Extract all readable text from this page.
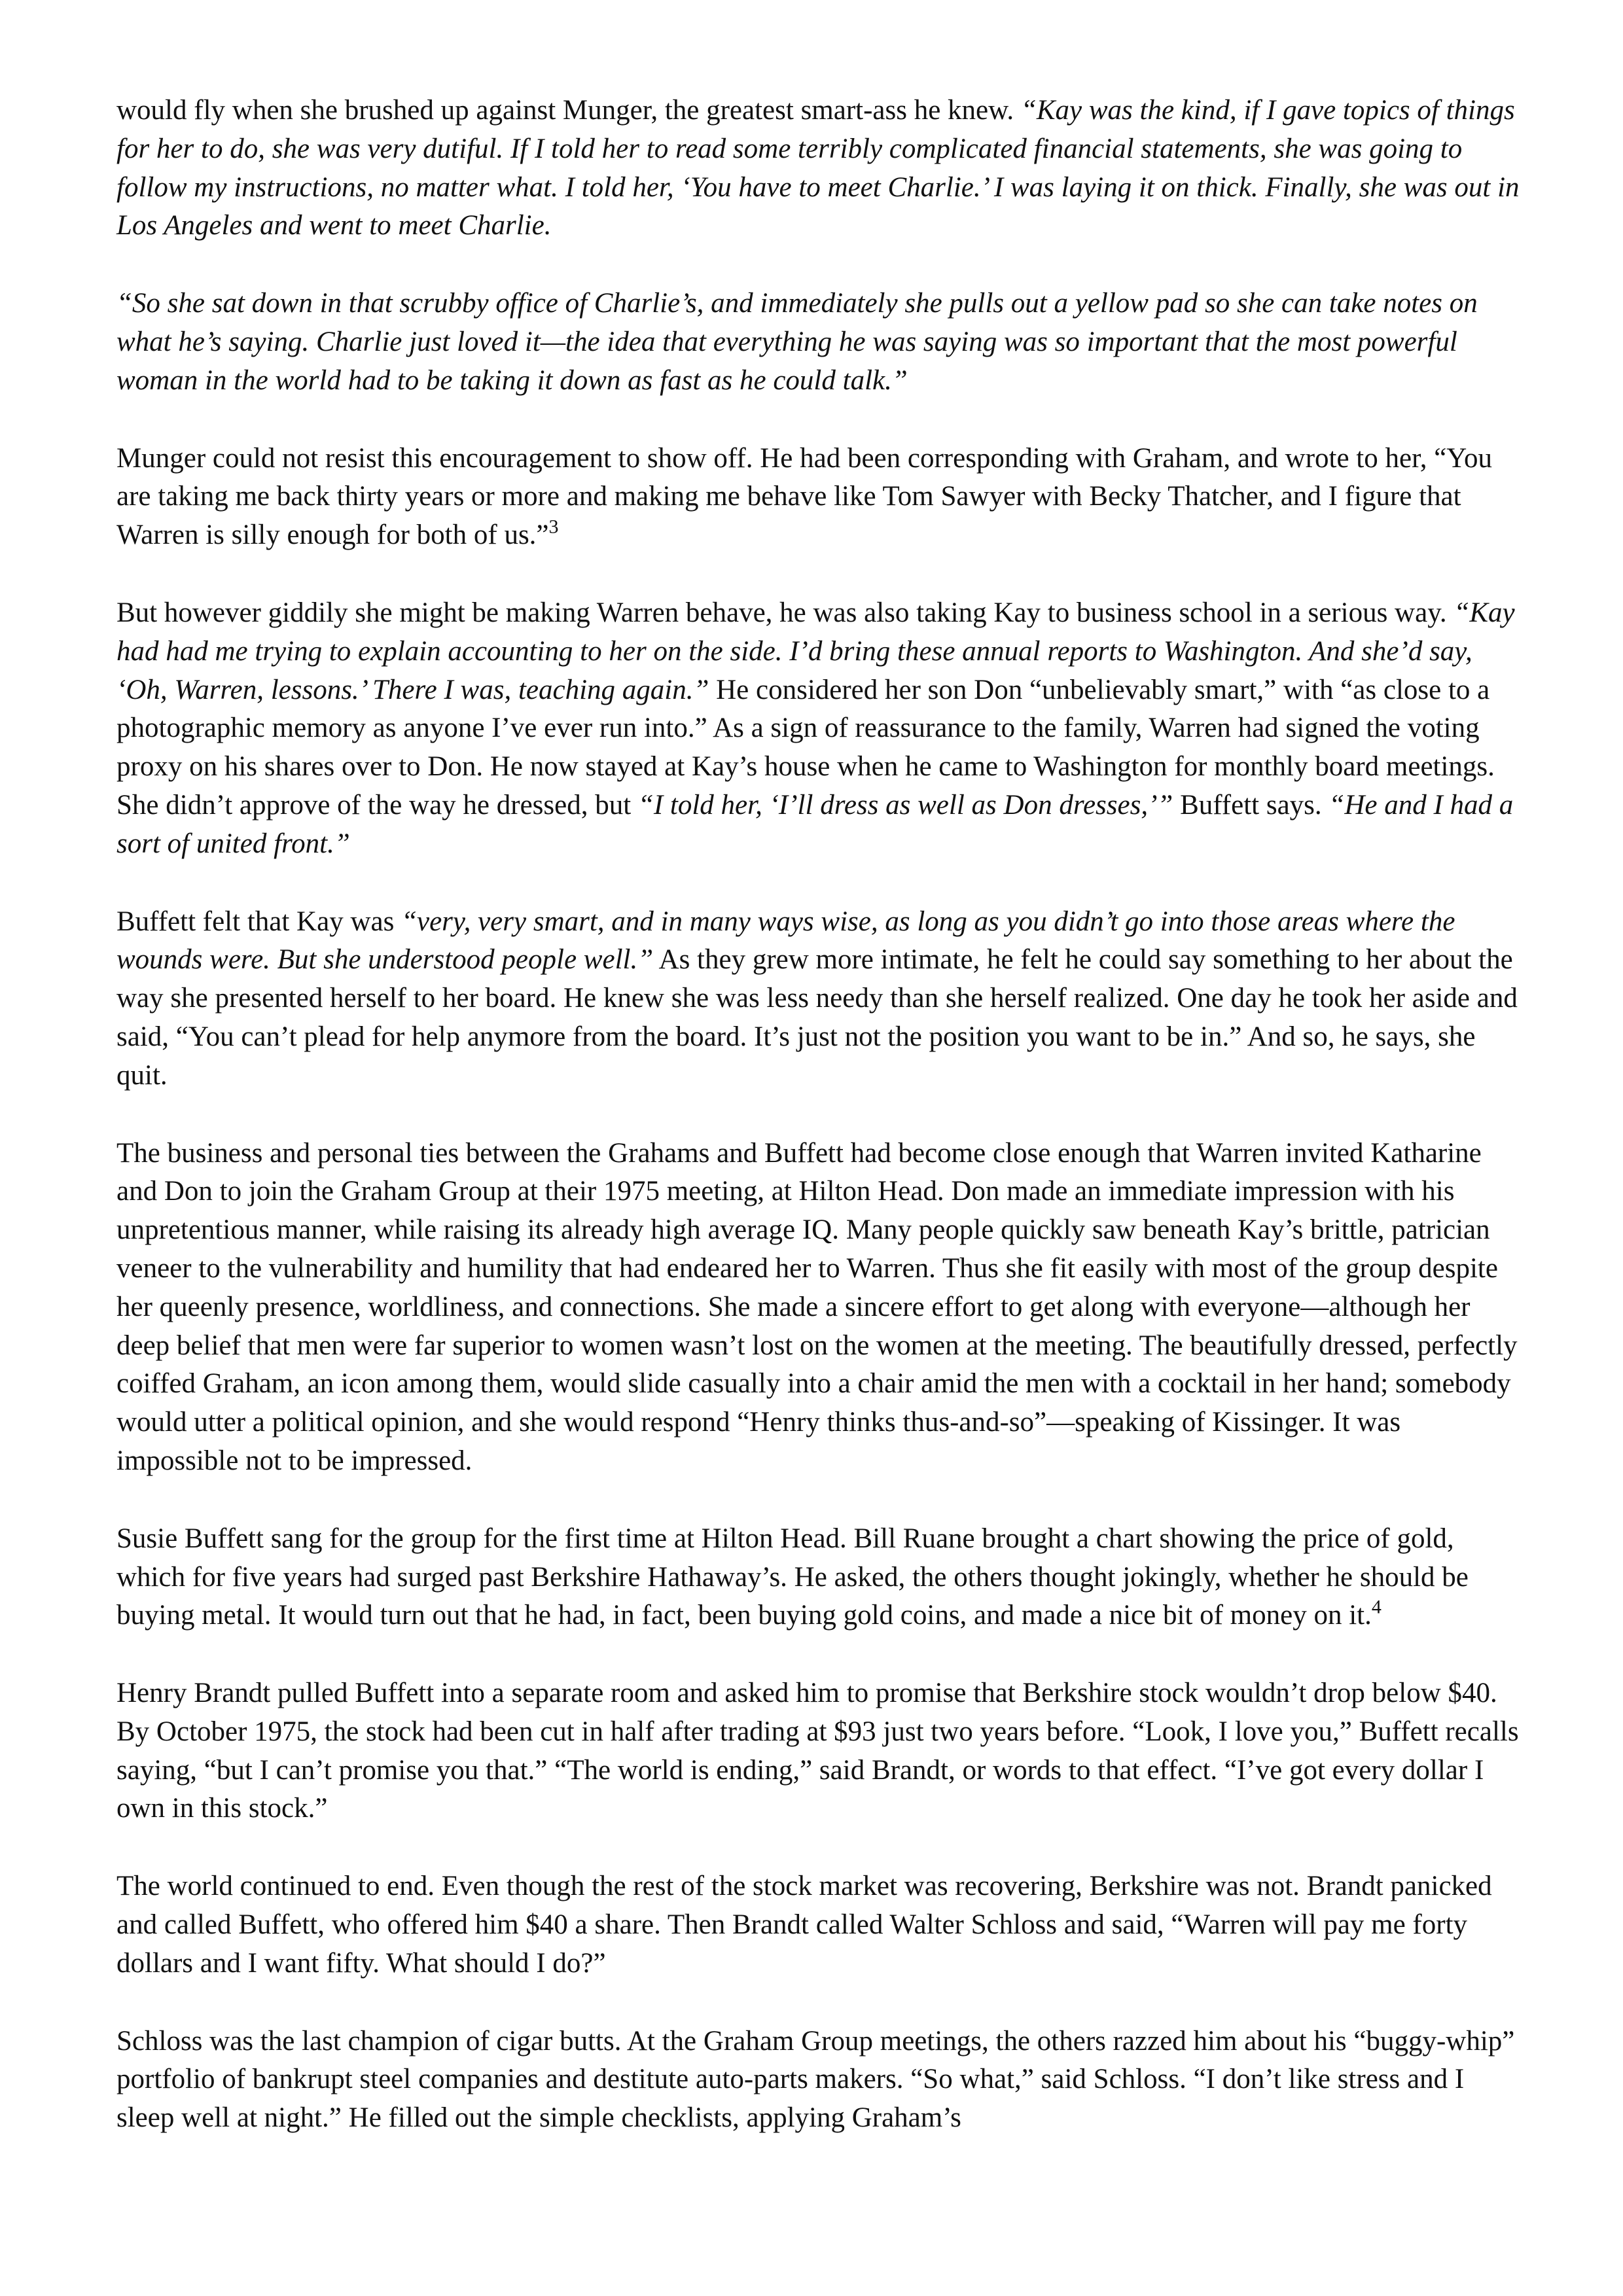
would fly when she brushed up against Munger, the greatest smart-ass he knew. “Kay was the kind, if I gave topics of things for her to do, she was very dutiful. If I told her to read some terribly complicated financial statements, she was going to follow my instructions, no matter what. I told her, ‘You have to meet Charlie.’ I was laying it on thick. Finally, she was out in Los Angeles and went to meet Charlie.

“So she sat down in that scrubby office of Charlie’s, and immediately she pulls out a yellow pad so she can take notes on what he’s saying. Charlie just loved it—the idea that everything he was saying was so important that the most powerful woman in the world had to be taking it down as fast as he could talk.”

Munger could not resist this encouragement to show off. He had been corresponding with Graham, and wrote to her, “You are taking me back thirty years or more and making me behave like Tom Sawyer with Becky Thatcher, and I figure that Warren is silly enough for both of us.”$^3$

But however giddily she might be making Warren behave, he was also taking Kay to business school in a serious way. “Kay had had me trying to explain accounting to her on the side. I’d bring these annual reports to Washington. And she’d say, ‘Oh, Warren, lessons.’ There I was, teaching again.” He considered her son Don “unbelievably smart,” with “as close to a photographic memory as anyone I’ve ever run into.” As a sign of reassurance to the family, Warren had signed the voting proxy on his shares over to Don. He now stayed at Kay’s house when he came to Washington for monthly board meetings. She didn’t approve of the way he dressed, but “I told her, ‘I’ll dress as well as Don dresses,’” Buffett says. “He and I had a sort of united front.”

Buffett felt that Kay was “very, very smart, and in many ways wise, as long as you didn’t go into those areas where the wounds were. But she understood people well.” As they grew more intimate, he felt he could say something to her about the way she presented herself to her board. He knew she was less needy than she herself realized. One day he took her aside and said, “You can’t plead for help anymore from the board. It’s just not the position you want to be in.” And so, he says, she quit.

The business and personal ties between the Grahams and Buffett had become close enough that Warren invited Katharine and Don to join the Graham Group at their 1975 meeting, at Hilton Head. Don made an immediate impression with his unpretentious manner, while raising its already high average IQ. Many people quickly saw beneath Kay’s brittle, patrician veneer to the vulnerability and humility that had endeared her to Warren. Thus she fit easily with most of the group despite her queenly presence, worldliness, and connections. She made a sincere effort to get along with everyone—although her deep belief that men were far superior to women wasn’t lost on the women at the meeting. The beautifully dressed, perfectly coiffed Graham, an icon among them, would slide casually into a chair amid the men with a cocktail in her hand; somebody would utter a political opinion, and she would respond “Henry thinks thus-and-so”—speaking of Kissinger. It was impossible not to be impressed.

Susie Buffett sang for the group for the first time at Hilton Head. Bill Ruane brought a chart showing the price of gold, which for five years had surged past Berkshire Hathaway’s. He asked, the others thought jokingly, whether he should be buying metal. It would turn out that he had, in fact, been buying gold coins, and made a nice bit of money on it.$^4$

Henry Brandt pulled Buffett into a separate room and asked him to promise that Berkshire stock wouldn’t drop below $40. By October 1975, the stock had been cut in half after trading at $93 just two years before. “Look, I love you,” Buffett recalls saying, “but I can’t promise you that.” “The world is ending,” said Brandt, or words to that effect. “I’ve got every dollar I own in this stock.”

The world continued to end. Even though the rest of the stock market was recovering, Berkshire was not. Brandt panicked and called Buffett, who offered him $40 a share. Then Brandt called Walter Schloss and said, “Warren will pay me forty dollars and I want fifty. What should I do?”

Schloss was the last champion of cigar butts. At the Graham Group meetings, the others razzed him about his “buggy-whip” portfolio of bankrupt steel companies and destitute auto-parts makers. “So what,” said Schloss. “I don’t like stress and I sleep well at night.” He filled out the simple checklists, applying Graham’s
